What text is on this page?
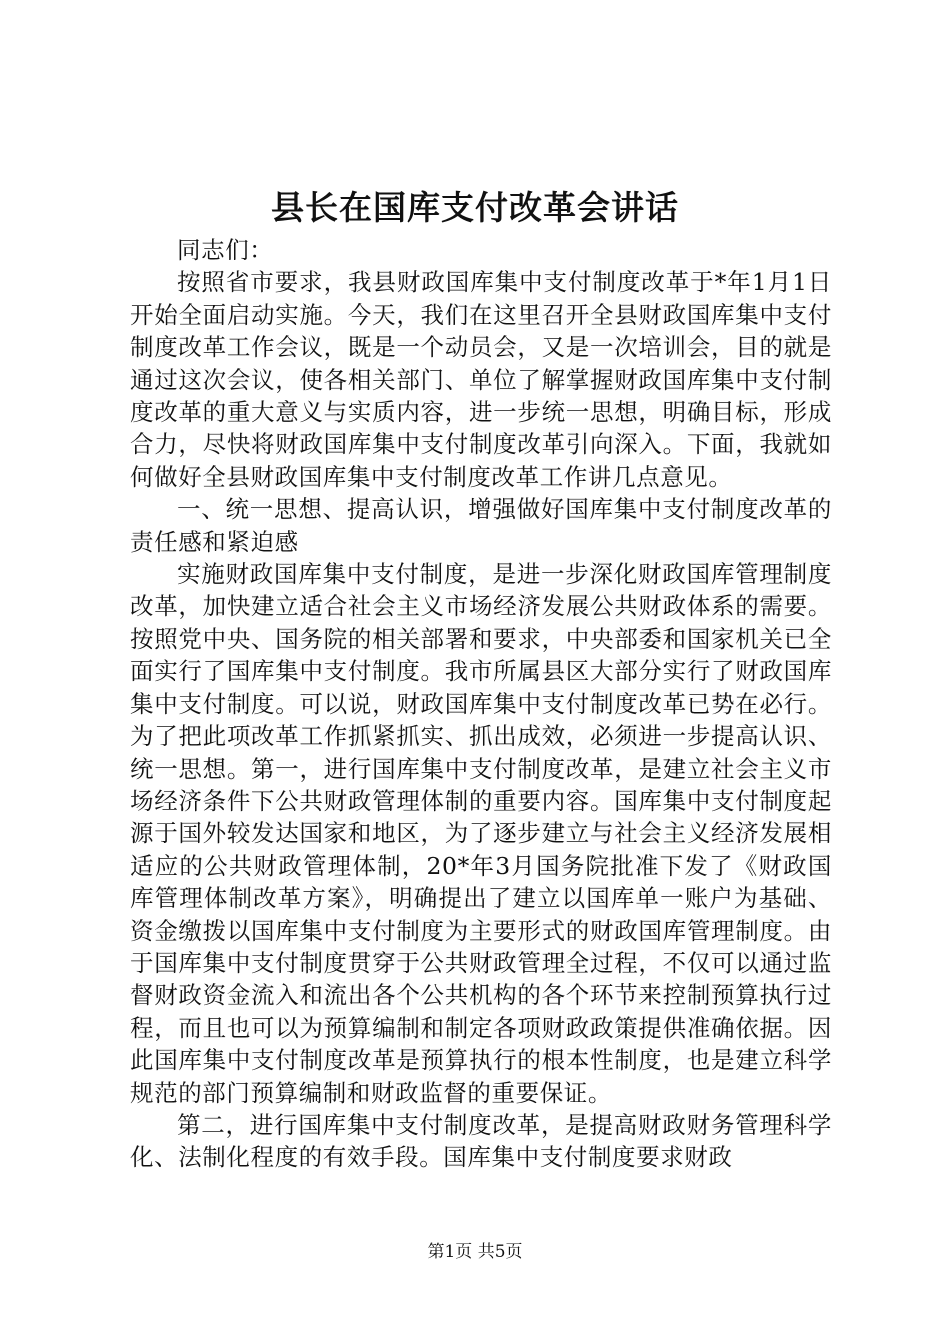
县长在国库支付改革会讲话

同志们：

按照省市要求，我县财政国库集中支付制度改革于*年1月1日开始全面启动实施。今天，我们在这里召开全县财政国库集中支付制度改革工作会议，既是一个动员会，又是一次培训会，目的就是通过这次会议，使各相关部门、单位了解掌握财政国库集中支付制度改革的重大意义与实质内容，进一步统一思想，明确目标，形成合力，尽快将财政国库集中支付制度改革引向深入。下面，我就如何做好全县财政国库集中支付制度改革工作讲几点意见。

一、统一思想、提高认识，增强做好国库集中支付制度改革的责任感和紧迫感

实施财政国库集中支付制度，是进一步深化财政国库管理制度改革，加快建立适合社会主义市场经济发展公共财政体系的需要。按照党中央、国务院的相关部署和要求，中央部委和国家机关已全面实行了国库集中支付制度。我市所属县区大部分实行了财政国库集中支付制度。可以说，财政国库集中支付制度改革已势在必行。为了把此项改革工作抓紧抓实、抓出成效，必须进一步提高认识、统一思想。第一，进行国库集中支付制度改革，是建立社会主义市场经济条件下公共财政管理体制的重要内容。国库集中支付制度起源于国外较发达国家和地区，为了逐步建立与社会主义经济发展相适应的公共财政管理体制，20*年3月国务院批准下发了《财政国库管理体制改革方案》，明确提出了建立以国库单一账户为基础、资金缴拨以国库集中支付制度为主要形式的财政国库管理制度。由于国库集中支付制度贯穿于公共财政管理全过程，不仅可以通过监督财政资金流入和流出各个公共机构的各个环节来控制预算执行过程，而且也可以为预算编制和制定各项财政政策提供准确依据。因此国库集中支付制度改革是预算执行的根本性制度，也是建立科学规范的部门预算编制和财政监督的重要保证。

第二，进行国库集中支付制度改革，是提高财政财务管理科学化、法制化程度的有效手段。国库集中支付制度要求财政

第1页 共5页
